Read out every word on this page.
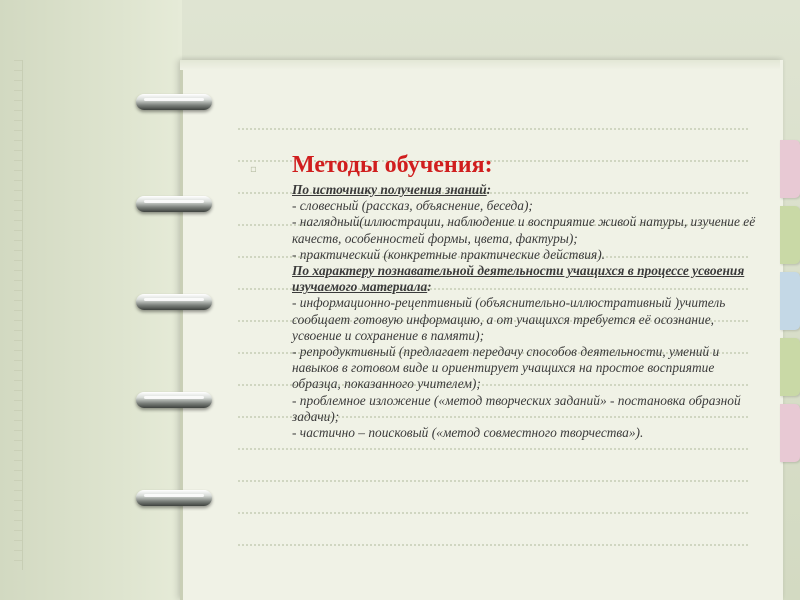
▫ Методы обучения:
По источнику получения знаний:
- словесный (рассказ, объяснение, беседа);
- наглядный(иллюстрации, наблюдение и восприятие живой натуры, изучение её качеств, особенностей формы, цвета, фактуры);
- практический (конкретные практические действия).
По характеру познавательной деятельности учащихся в процессе усвоения изучаемого материала:
- информационно-рецептивный (объяснительно-иллюстративный )учитель сообщает готовую информацию, а от учащихся требуется её осознание, усвоение и сохранение в памяти);
- репродуктивный (предлагает передачу способов деятельности, умений и навыков в готовом виде и ориентирует учащихся на простое восприятие образца, показанного учителем);
- проблемное изложение («метод творческих заданий» - постановка образной задачи);
- частично – поисковый («метод совместного творчества»).
